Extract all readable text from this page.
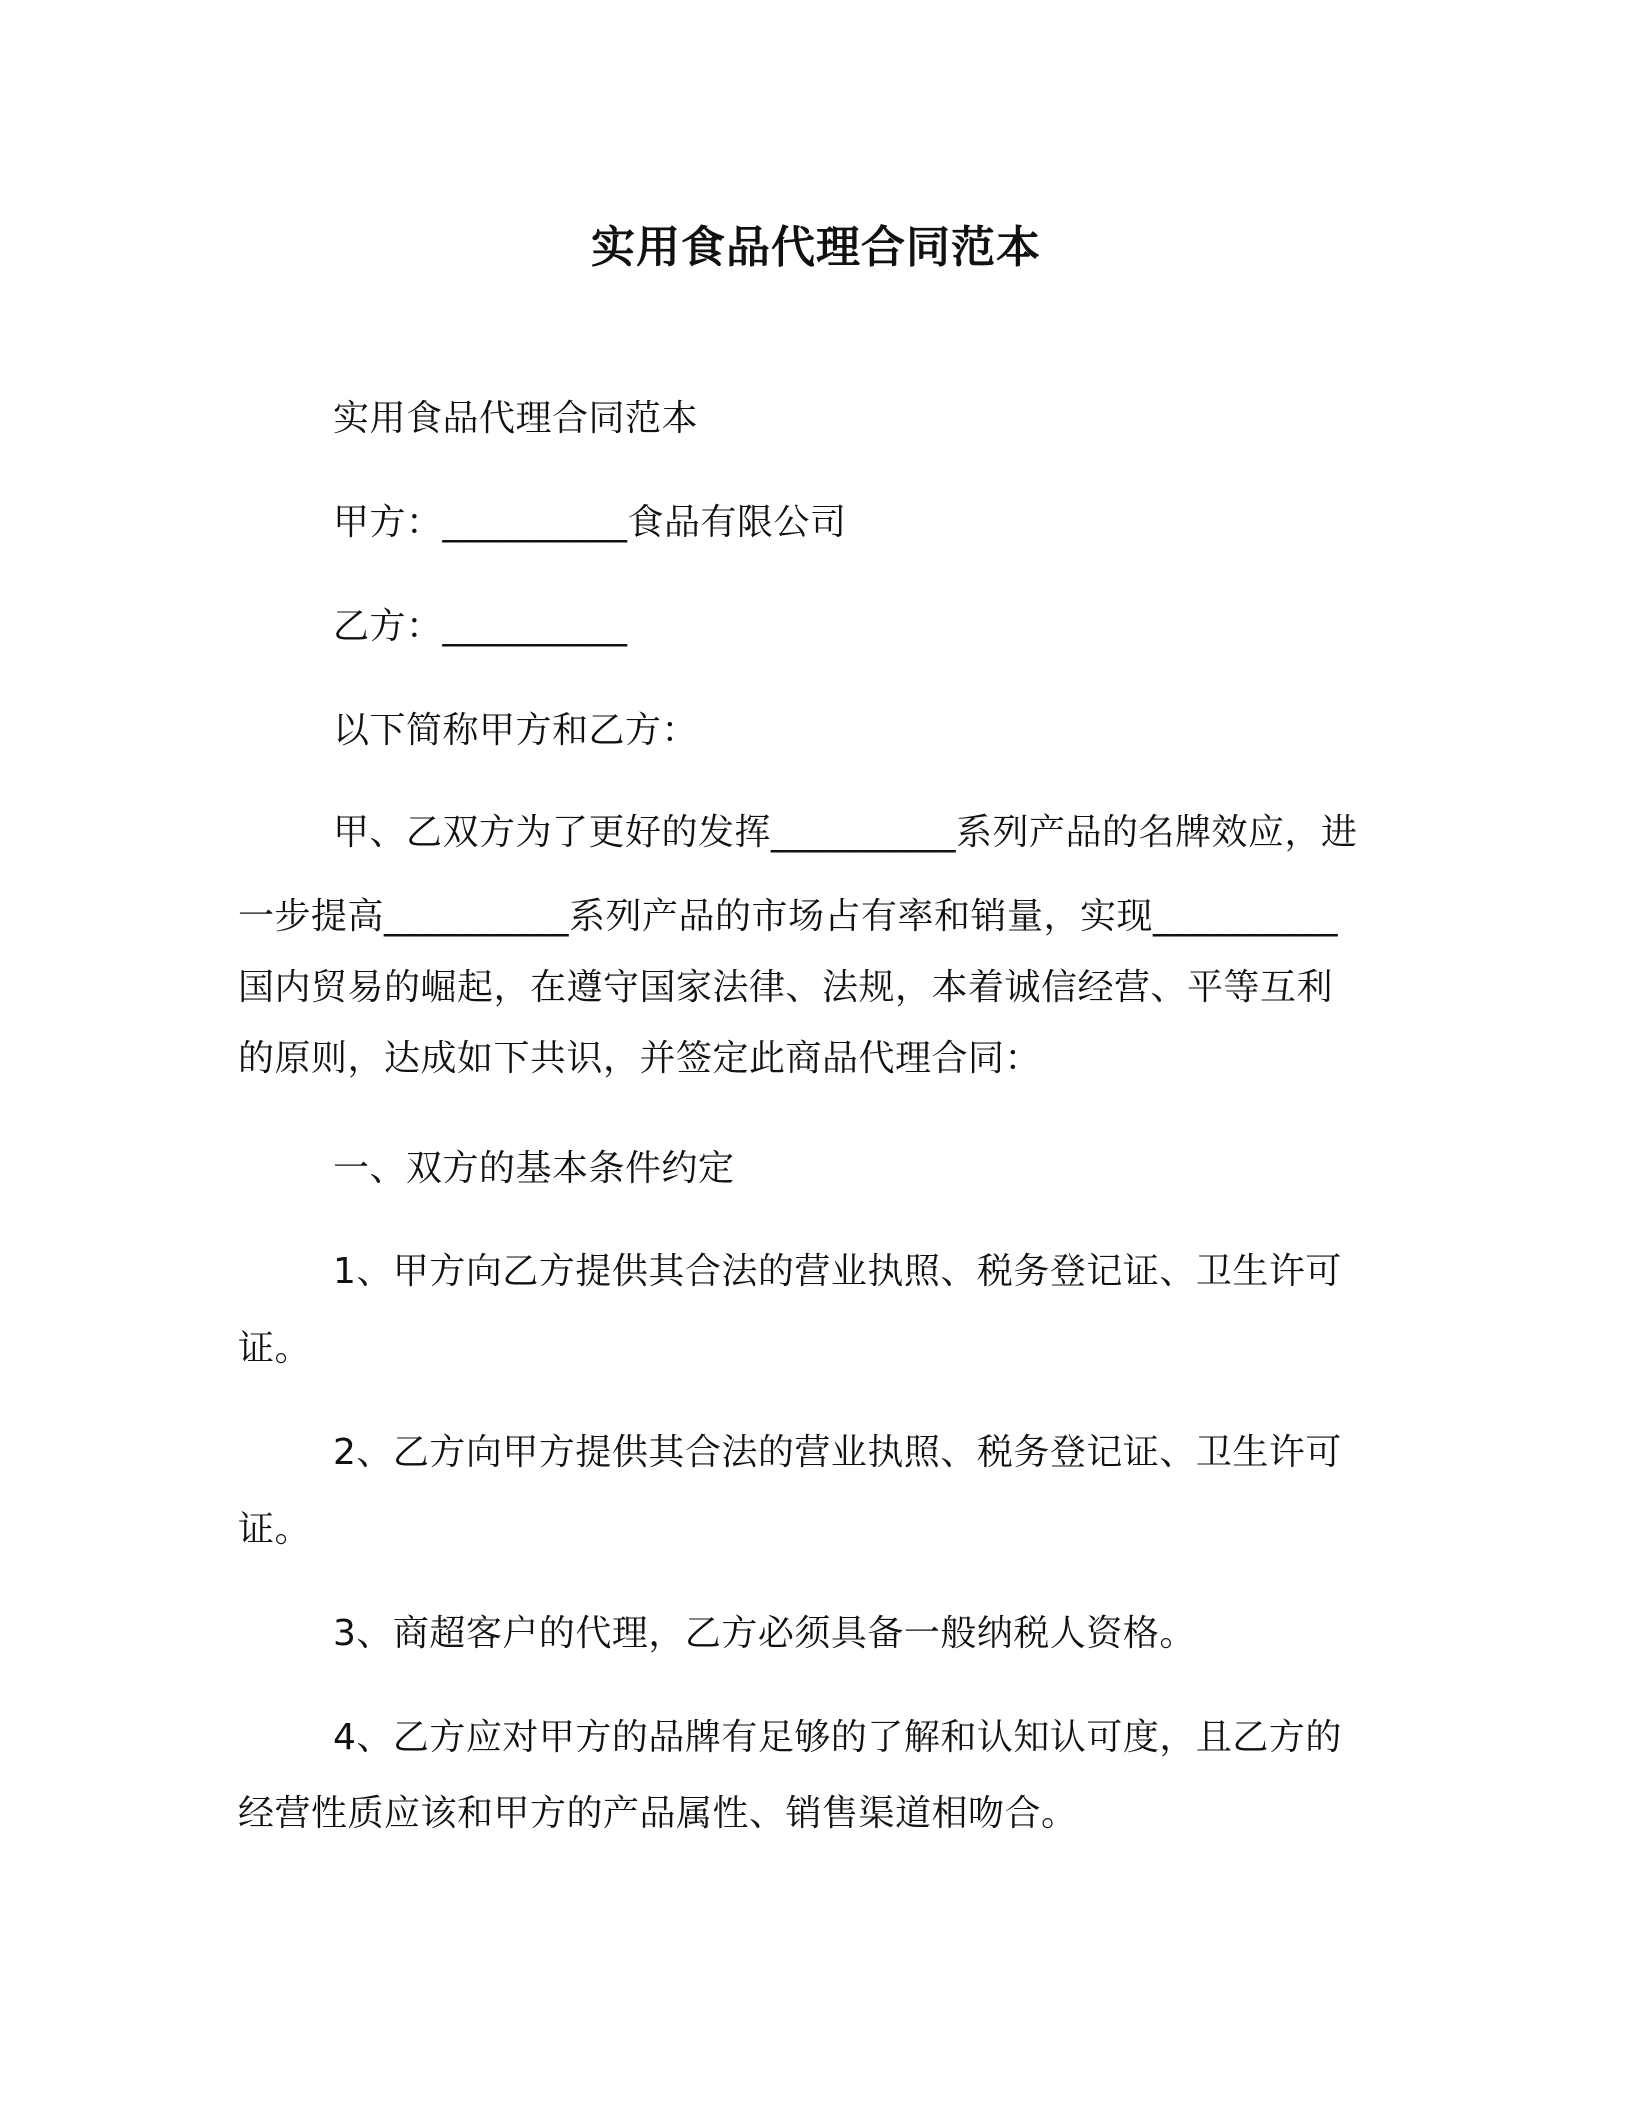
实用食品代理合同范本
实用食品代理合同范本
甲方：__________食品有限公司
乙方：__________
以下简称甲方和乙方：
甲、乙双方为了更好的发挥__________系列产品的名牌效应，进
一步提高__________系列产品的市场占有率和销量，实现__________
国内贸易的崛起，在遵守国家法律、法规，本着诚信经营、平等互利
的原则，达成如下共识，并签定此商品代理合同：
一、双方的基本条件约定
1、甲方向乙方提供其合法的营业执照、税务登记证、卫生许可
证。
2、乙方向甲方提供其合法的营业执照、税务登记证、卫生许可
证。
3、商超客户的代理，乙方必须具备一般纳税人资格。
4、乙方应对甲方的品牌有足够的了解和认知认可度，且乙方的
经营性质应该和甲方的产品属性、销售渠道相吻合。
